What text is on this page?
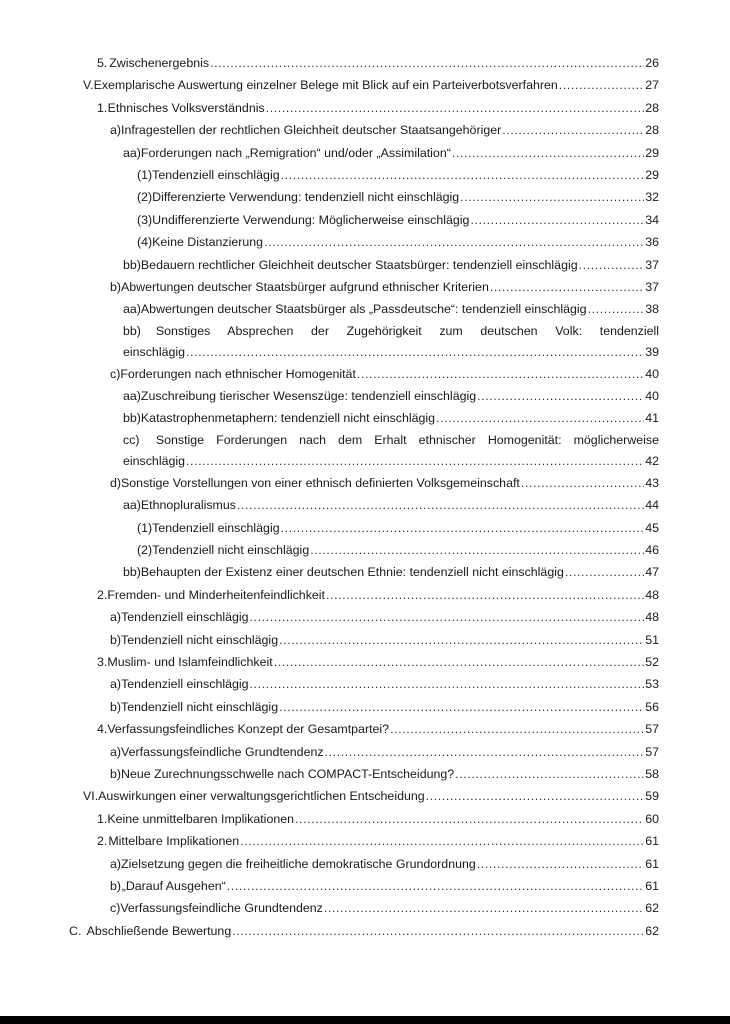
5. Zwischenergebnis .....	26
V. Exemplarische Auswertung einzelner Belege mit Blick auf ein Parteiverbotsverfahren .....	27
1. Ethnisches Volksverständnis .....	28
a) Infragestellen der rechtlichen Gleichheit deutscher Staatsangehöriger .....	28
aa) Forderungen nach „Remigration“ und/oder „Assimilation“ .....	29
(1) Tendenziell einschlägig .....	29
(2) Differenzierte Verwendung: tendenziell nicht einschlägig .....	32
(3) Undifferenzierte Verwendung: Möglicherweise einschlägig .....	34
(4) Keine Distanzierung .....	36
bb) Bedauern rechtlicher Gleichheit deutscher Staatsbürger: tendenziell einschlägig .....	37
b) Abwertungen deutscher Staatsbürger aufgrund ethnischer Kriterien .....	37
aa) Abwertungen deutscher Staatsbürger als „Passdeutsche“: tendenziell einschlägig .....	38
bb)	Sonstiges Absprechen der Zugehörigkeit zum deutschen Volk: tendenziell
einschlägig .....	39
c) Forderungen nach ethnischer Homogenität .....	40
aa) Zuschreibung tierischer Wesenszüge: tendenziell einschlägig .....	40
bb) Katastrophenmetaphern: tendenziell nicht einschlägig .....	41
cc)	Sonstige Forderungen nach dem Erhalt ethnischer Homogenität: möglicherweise
einschlägig .....	42
d) Sonstige Vorstellungen von einer ethnisch definierten Volksgemeinschaft .....	43
aa) Ethnopluralismus .....	44
(1) Tendenziell einschlägig .....	45
(2) Tendenziell nicht einschlägig .....	46
bb) Behaupten der Existenz einer deutschen Ethnie: tendenziell nicht einschlägig .....	47
2. Fremden- und Minderheitenfeindlichkeit .....	48
a) Tendenziell einschlägig .....	48
b) Tendenziell nicht einschlägig .....	51
3. Muslim- und Islamfeindlichkeit .....	52
a) Tendenziell einschlägig .....	53
b) Tendenziell nicht einschlägig .....	56
4. Verfassungsfeindliches Konzept der Gesamtpartei? .....	57
a) Verfassungsfeindliche Grundtendenz .....	57
b) Neue Zurechnungsschwelle nach COMPACT-Entscheidung? .....	58
VI. Auswirkungen einer verwaltungsgerichtlichen Entscheidung .....	59
1. Keine unmittelbaren Implikationen .....	60
2. Mittelbare Implikationen .....	61
a) Zielsetzung gegen die freiheitliche demokratische Grundordnung .....	61
b) „Darauf Ausgehen“ .....	61
c) Verfassungsfeindliche Grundtendenz .....	62
C. Abschließende Bewertung .....	62
